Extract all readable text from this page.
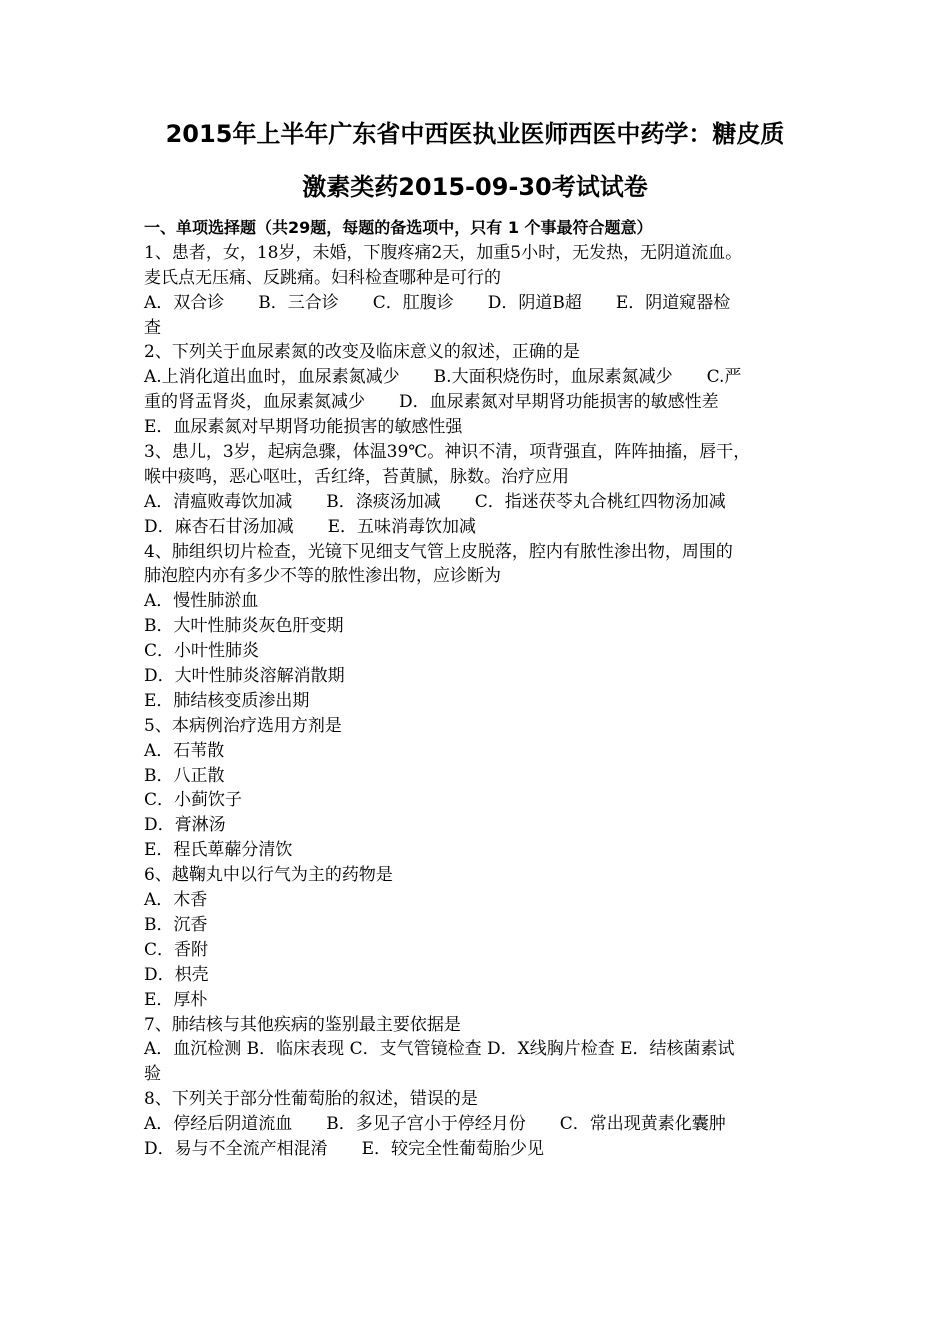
2015年上半年广东省中西医执业医师西医中药学：糖皮质
激素类药2015-09-30考试试卷
一、单项选择题（共29题，每题的备选项中，只有 1 个事最符合题意）
1、患者，女，18岁，未婚，下腹疼痛2天，加重5小时，无发热，无阴道流血。
麦氏点无压痛、反跳痛。妇科检查哪种是可行的
A．双合诊　　B．三合诊　　C．肛腹诊　　D．阴道B超　　E．阴道窥器检
查
2、下列关于血尿素氮的改变及临床意义的叙述，正确的是
A.上消化道出血时，血尿素氮减少　　B.大面积烧伤时，血尿素氮减少　　C.严
重的肾盂肾炎，血尿素氮减少　　D．血尿素氮对早期肾功能损害的敏感性差
E．血尿素氮对早期肾功能损害的敏感性强
3、患儿，3岁，起病急骤，体温39℃。神识不清，项背强直，阵阵抽搐，唇干，
喉中痰鸣，恶心呕吐，舌红绛，苔黄腻，脉数。治疗应用
A．清瘟败毒饮加减　　B．涤痰汤加减　　C．指迷茯苓丸合桃红四物汤加减
D．麻杏石甘汤加减　　E．五味消毒饮加减
4、肺组织切片检查，光镜下见细支气管上皮脱落，腔内有脓性渗出物，周围的
肺泡腔内亦有多少不等的脓性渗出物，应诊断为
A．慢性肺淤血
B．大叶性肺炎灰色肝变期
C．小叶性肺炎
D．大叶性肺炎溶解消散期
E．肺结核变质渗出期
5、本病例治疗选用方剂是
A．石苇散
B．八正散
C．小蓟饮子
D．膏淋汤
E．程氏萆薢分清饮
6、越鞠丸中以行气为主的药物是
A．木香
B．沉香
C．香附
D．枳壳
E．厚朴
7、肺结核与其他疾病的鉴别最主要依据是
A．血沉检测 B．临床表现 C．支气管镜检查 D．X线胸片检查 E．结核菌素试
验
8、下列关于部分性葡萄胎的叙述，错误的是
A．停经后阴道流血　　B．多见子宫小于停经月份　　C．常出现黄素化囊肿
D．易与不全流产相混淆　　E．较完全性葡萄胎少见
